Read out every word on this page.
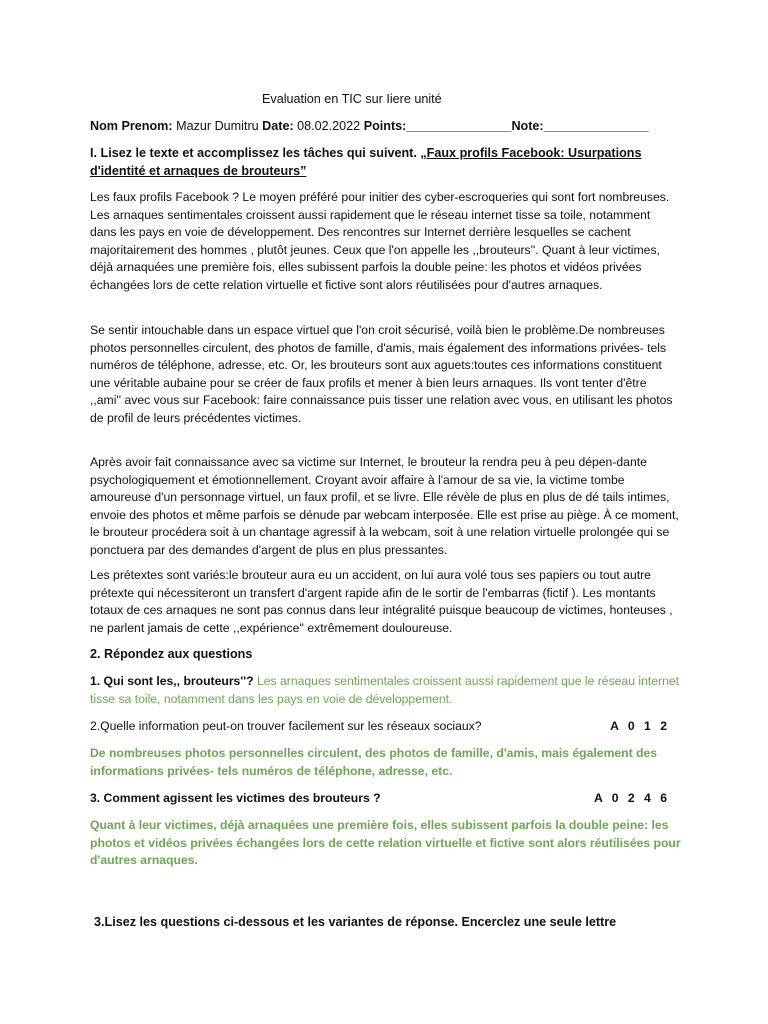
Evaluation en TIC sur Iiere unité

Nom Prenom: Mazur Dumitru Date: 08.02.2022 Points:_______________Note:_______________

I. Lisez le texte et accomplissez les tâches qui suivent. „Faux profils Facebook: Usurpations d'identité et arnaques de brouteurs”

Les faux profils Facebook ? Le moyen préféré pour initier des cyber-escroqueries qui sont fort nombreuses. Les arnaques sentimentales croissent aussi rapidement que le réseau internet tisse sa toile, notamment dans les pays en voie de développement. Des rencontres sur Internet derrière lesquelles se cachent majoritairement des hommes , plutôt jeunes. Ceux que l'on appelle les ,,brouteurs''. Quant à leur victimes, déjà arnaquées une première fois, elles subissent parfois la double peine: les photos et vidéos privées échangées lors de cette relation virtuelle et fictive sont alors réutilisées pour d'autres arnaques.

Se sentir intouchable dans un espace virtuel que l'on croit sécurisé, voilà bien le problème.De nombreuses photos personnelles circulent, des photos de famille, d'amis, mais également des informations privées- tels numéros de téléphone, adresse, etc. Or, les brouteurs sont aux aguets:toutes ces informations constituent une véritable aubaine pour se créer de faux profils et mener à bien leurs arnaques. Ils vont tenter d'être ,,ami'' avec vous sur Facebook: faire connaissance puis tisser une relation avec vous, en utilisant les photos de profil de leurs précédentes victimes.

Après avoir fait connaissance avec sa victime sur Internet, le brouteur la rendra peu à peu dépen-dante psychologiquement et émotionnellement. Croyant avoir affaire à l'amour de sa vie, la victime tombe amoureuse d'un personnage virtuel, un faux profil, et se livre. Elle révèle de plus en plus de dé tails intimes, envoie des photos et même parfois se dénude par webcam interposée. Elle est prise au piège. À ce moment, le brouteur procédera soit à un chantage agressif à la webcam, soit à une relation virtuelle prolongée qui se ponctuera par des demandes d'argent de plus en plus pressantes.

Les prétextes sont variés:le brouteur aura eu un accident, on lui aura volé tous ses papiers ou tout autre prétexte qui nécessiteront un transfert d'argent rapide afin de le sortir de l'embarras (fictif ). Les montants totaux de ces arnaques ne sont pas connus dans leur intégralité puisque beaucoup de victimes, honteuses , ne parlent jamais de cette ,,expérience'' extrêmement douloureuse.

2. Répondez aux questions

1. Qui sont les,, brouteurs''? Les arnaques sentimentales croissent aussi rapidement que le réseau internet tisse sa toile, notamment dans les pays en voie de développement.

2.Quelle information peut-on trouver facilement sur les réseaux sociaux?	A 0 1 2

De nombreuses photos personnelles circulent, des photos de famille, d'amis, mais également des informations privées- tels numéros de téléphone, adresse, etc.

3. Comment agissent les victimes des brouteurs ?	A 0 2 4 6

Quant à leur victimes, déjà arnaquées une première fois, elles subissent parfois la double peine: les photos et vidéos privées échangées lors de cette relation virtuelle et fictive sont alors réutilisées pour d'autres arnaques.

3.Lisez les questions ci-dessous et les variantes de réponse. Encerclez une seule lettre
